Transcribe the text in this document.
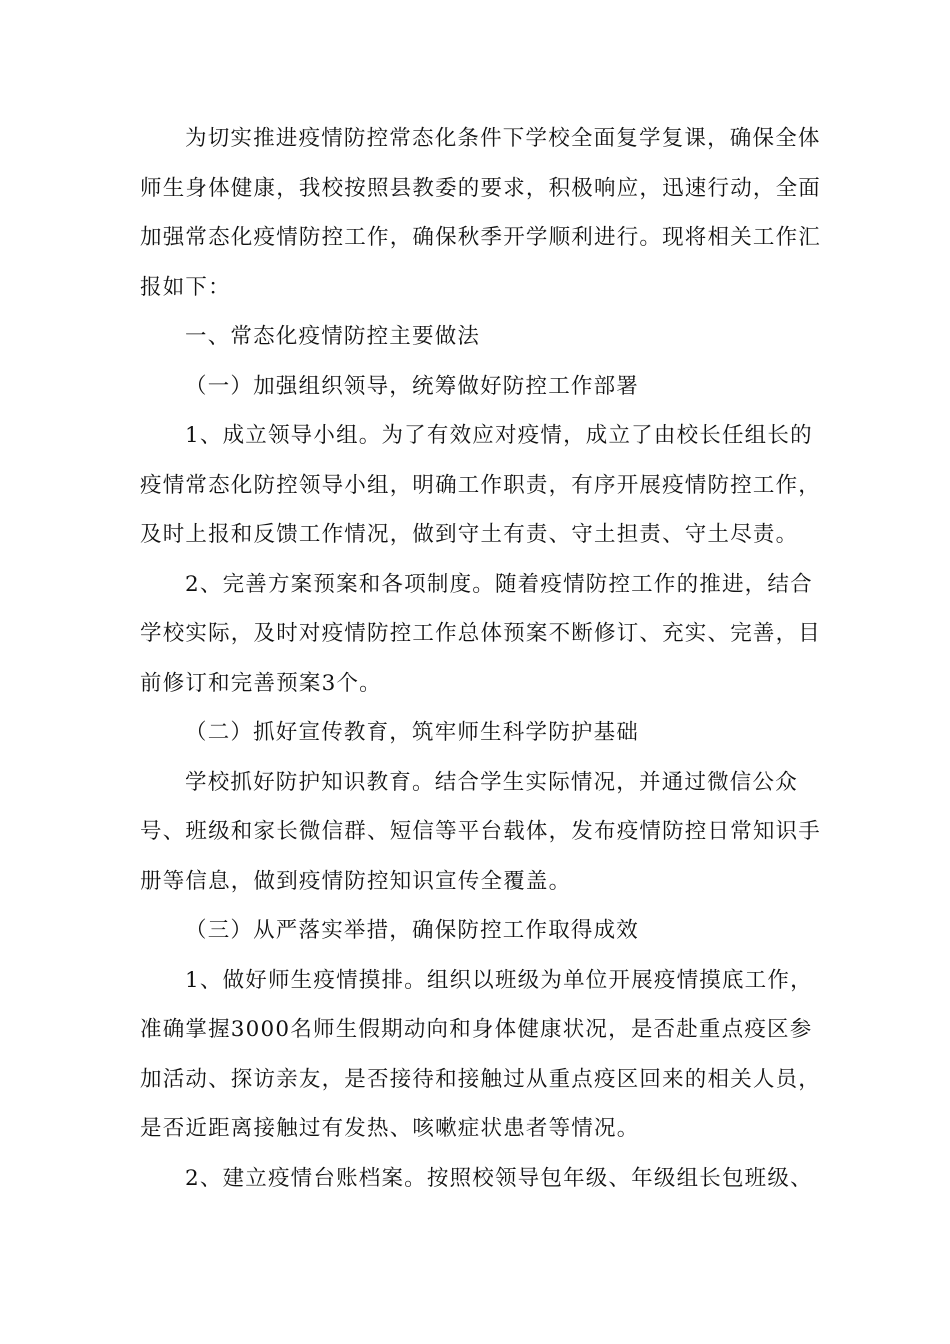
为切实推进疫情防控常态化条件下学校全面复学复课，确保全体师生身体健康，我校按照县教委的要求，积极响应，迅速行动，全面加强常态化疫情防控工作，确保秋季开学顺利进行。现将相关工作汇报如下：

一、常态化疫情防控主要做法

（一）加强组织领导，统筹做好防控工作部署

1、成立领导小组。为了有效应对疫情，成立了由校长任组长的疫情常态化防控领导小组，明确工作职责，有序开展疫情防控工作，及时上报和反馈工作情况，做到守土有责、守土担责、守土尽责。

2、完善方案预案和各项制度。随着疫情防控工作的推进，结合学校实际，及时对疫情防控工作总体预案不断修订、充实、完善，目前修订和完善预案3个。

（二）抓好宣传教育，筑牢师生科学防护基础

学校抓好防护知识教育。结合学生实际情况，并通过微信公众号、班级和家长微信群、短信等平台载体，发布疫情防控日常知识手册等信息，做到疫情防控知识宣传全覆盖。

（三）从严落实举措，确保防控工作取得成效

1、做好师生疫情摸排。组织以班级为单位开展疫情摸底工作，准确掌握3000名师生假期动向和身体健康状况，是否赴重点疫区参加活动、探访亲友，是否接待和接触过从重点疫区回来的相关人员，是否近距离接触过有发热、咳嗽症状患者等情况。

2、建立疫情台账档案。按照校领导包年级、年级组长包班级、
